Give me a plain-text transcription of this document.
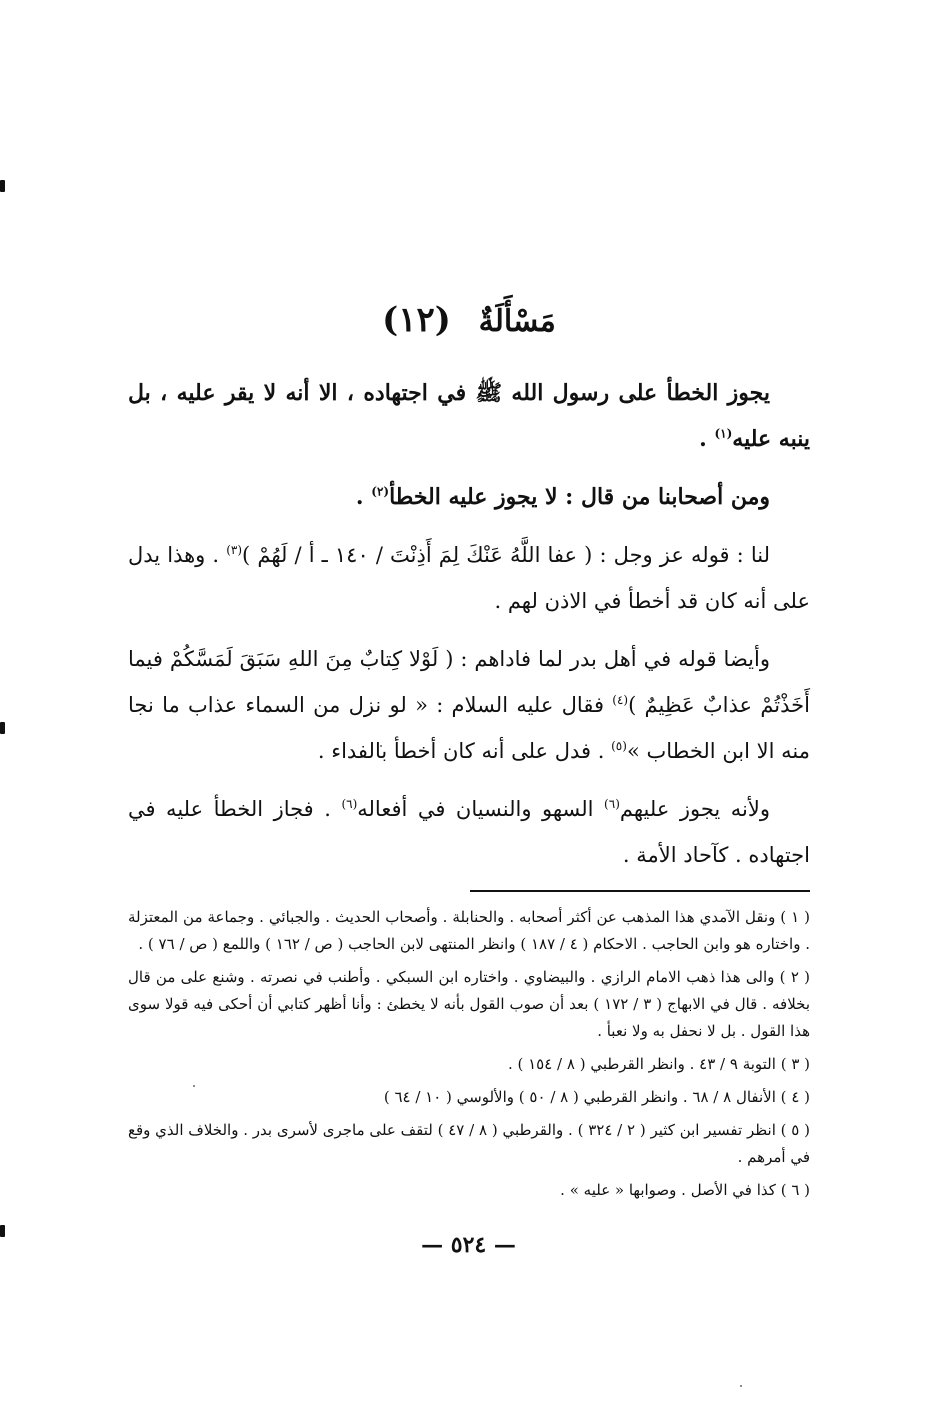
مَسْأَلَةٌ (١٢)

يجوز الخطأ على رسول الله ﷺ في اجتهاده ، الا أنه لا يقر عليه ، بل ينبه عليه$^{(١)}$ .

ومن أصحابنا من قال : لا يجوز عليه الخطأ$^{(٢)}$ .

لنا : قوله عز وجل : ( عفا اللَّهُ عَنْكَ لِمَ أَذِنْتَ / ١٤٠ ـ أ / لَهُمْ )$^{(٣)}$ . وهذا يدل على أنه كان قد أخطأ في الاذن لهم .

وأيضا قوله في أهل بدر لما فاداهم : ( لَوْلا كِتابٌ مِنَ اللهِ سَبَقَ لَمَسَّكُمْ فيما أَخَذْتُمْ عذابٌ عَظِيمٌ )$^{(٤)}$ فقال عليه السلام : « لو نزل من السماء عذاب ما نجا منه الا ابن الخطاب »$^{(٥)}$ . فدل على أنه كان أخطأ بالفداء .

ولأنه يجوز عليهم$^{(٦)}$ السهو والنسيان في أفعاله$^{(٦)}$ . فجاز الخطأ عليه في اجتهاده . كآحاد الأمة .

( ١ ) ونقل الآمدي هذا المذهب عن أكثر أصحابه . والحنابلة . وأصحاب الحديث . والجبائي . وجماعة من المعتزلة . واختاره هو وابن الحاجب . الاحكام ( ٤ / ١٨٧ ) وانظر المنتهى لابن الحاجب ( ص / ١٦٢ ) واللمع ( ص / ٧٦ ) .

( ٢ ) والى هذا ذهب الامام الرازي . والبيضاوي . واختاره ابن السبكي . وأطنب في نصرته . وشنع على من قال بخلافه . قال في الابهاج ( ٣ / ١٧٢ ) بعد أن صوب القول بأنه لا يخطئ : وأنا أظهر كتابي أن أحكى فيه قولا سوى هذا القول . بل لا نحفل به ولا نعبأ .

( ٣ ) التوبة ٩ / ٤٣ . وانظر القرطبي ( ٨ / ١٥٤ ) .

( ٤ ) الأنفال ٨ / ٦٨ . وانظر القرطبي ( ٨ / ٥٠ ) والألوسي ( ١٠ / ٦٤ )

( ٥ ) انظر تفسير ابن كثير ( ٢ / ٣٢٤ ) . والقرطبي ( ٨ / ٤٧ ) لتقف على ماجرى لأسرى بدر . والخلاف الذي وقع في أمرهم .

( ٦ ) كذا في الأصل . وصوابها « عليه » .

— ٥٢٤ —
